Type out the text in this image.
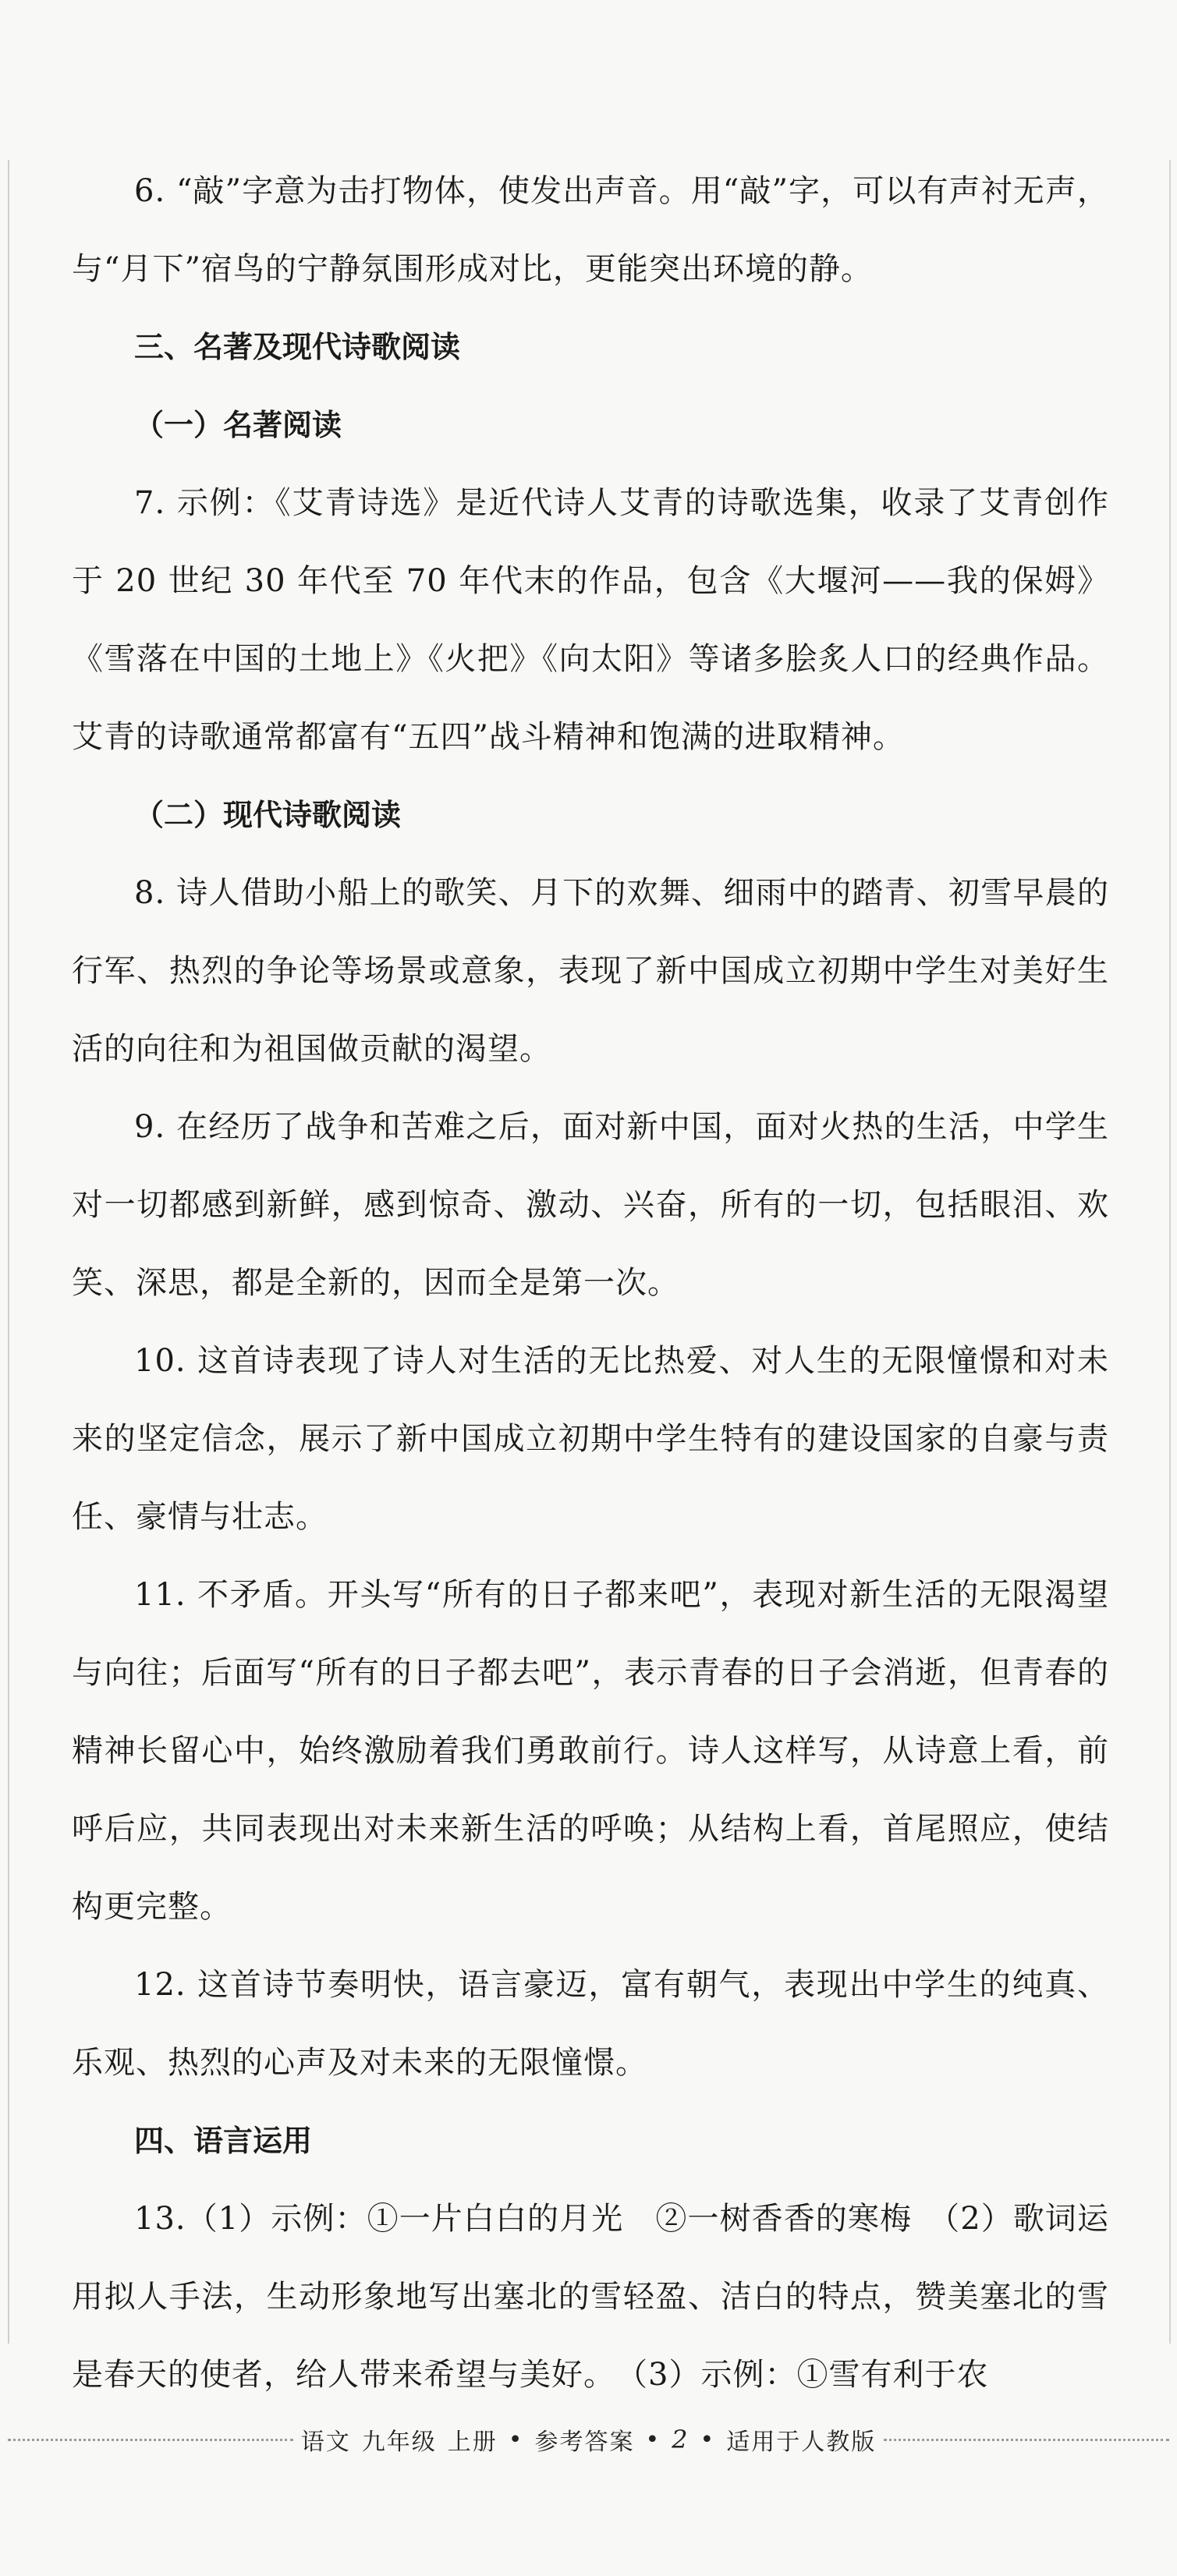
6. “敲”字意为击打物体，使发出声音。用“敲”字，可以有声衬无声，与“月下”宿鸟的宁静氛围形成对比，更能突出环境的静。

三、名著及现代诗歌阅读

（一）名著阅读

7. 示例：《艾青诗选》是近代诗人艾青的诗歌选集，收录了艾青创作于 20 世纪 30 年代至 70 年代末的作品，包含《大堰河——我的保姆》《雪落在中国的土地上》《火把》《向太阳》等诸多脍炙人口的经典作品。艾青的诗歌通常都富有“五四”战斗精神和饱满的进取精神。

（二）现代诗歌阅读

8. 诗人借助小船上的歌笑、月下的欢舞、细雨中的踏青、初雪早晨的行军、热烈的争论等场景或意象，表现了新中国成立初期中学生对美好生活的向往和为祖国做贡献的渴望。

9. 在经历了战争和苦难之后，面对新中国，面对火热的生活，中学生对一切都感到新鲜，感到惊奇、激动、兴奋，所有的一切，包括眼泪、欢笑、深思，都是全新的，因而全是第一次。

10. 这首诗表现了诗人对生活的无比热爱、对人生的无限憧憬和对未来的坚定信念，展示了新中国成立初期中学生特有的建设国家的自豪与责任、豪情与壮志。

11. 不矛盾。开头写“所有的日子都来吧”，表现对新生活的无限渴望与向往；后面写“所有的日子都去吧”，表示青春的日子会消逝，但青春的精神长留心中，始终激励着我们勇敢前行。诗人这样写，从诗意上看，前呼后应，共同表现出对未来新生活的呼唤；从结构上看，首尾照应，使结构更完整。

12. 这首诗节奏明快，语言豪迈，富有朝气，表现出中学生的纯真、乐观、热烈的心声及对未来的无限憧憬。

四、语言运用

13.（1）示例：①一片白白的月光　②一树香香的寒梅　（2）歌词运用拟人手法，生动形象地写出塞北的雪轻盈、洁白的特点，赞美塞北的雪是春天的使者，给人带来希望与美好。　（3）示例：①雪有利于农

语文 九年级 上册 • 参考答案 • 2 • 适用于人教版
